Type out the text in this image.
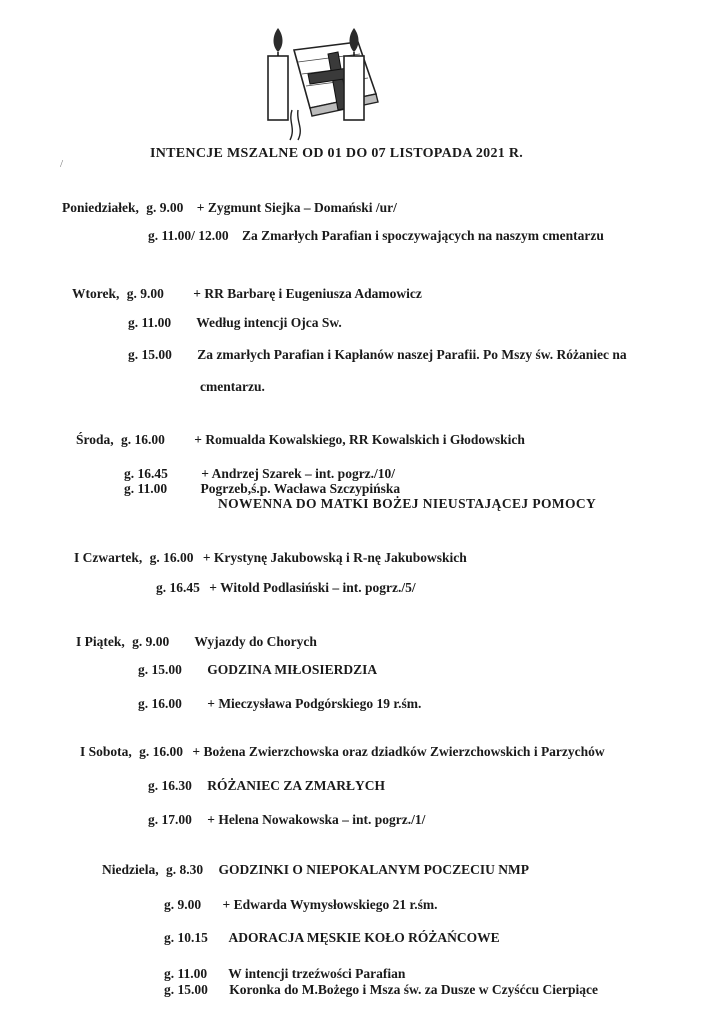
/
INTENCJE MSZALNE OD 01 DO 07 LISTOPADA 2021 R.
Poniedziałek, g. 9.00 + Zygmunt Siejka – Domański /ur/
g. 11.00/ 12.00 Za Zmarłych Parafian i spoczywających na naszym cmentarzu
Wtorek, g. 9.00 + RR Barbarę i Eugeniusza Adamowicz
g. 11.00 Według intencji Ojca Sw.
g. 15.00 Za zmarłych Parafian i Kapłanów naszej Parafii. Po Mszy św. Różaniec na
cmentarzu.
Środa, g. 16.00 + Romualda Kowalskiego, RR Kowalskich i Głodowskich
g. 16.45 + Andrzej Szarek – int. pogrz./10/
g. 11.00 Pogrzeb,ś.p. Wacława Szczypińska
NOWENNA DO MATKI BOŻEJ NIEUSTAJĄCEJ POMOCY
I Czwartek, g. 16.00 + Krystynę Jakubowską i R-nę Jakubowskich
g. 16.45 + Witold Podlasiński – int. pogrz./5/
I Piątek, g. 9.00 Wyjazdy do Chorych
g. 15.00 GODZINA MIŁOSIERDZIA
g. 16.00 + Mieczysława Podgórskiego 19 r.śm.
I Sobota, g. 16.00 + Bożena Zwierzchowska oraz dziadków Zwierzchowskich i Parzychów
g. 16.30 RÓŻANIEC ZA ZMARŁYCH
g. 17.00 + Helena Nowakowska – int. pogrz./1/
Niedziela, g. 8.30 GODZINKI O NIEPOKALANYM POCZECIU NMP
g. 9.00 + Edwarda Wymysłowskiego 21 r.śm.
g. 10.15 ADORACJA MĘSKIE KOŁO RÓŻAŃCOWE
g. 11.00 W intencji trzeźwości Parafian
g. 15.00 Koronka do M.Bożego i Msza św. za Dusze w Czyśćcu Cierpiące
